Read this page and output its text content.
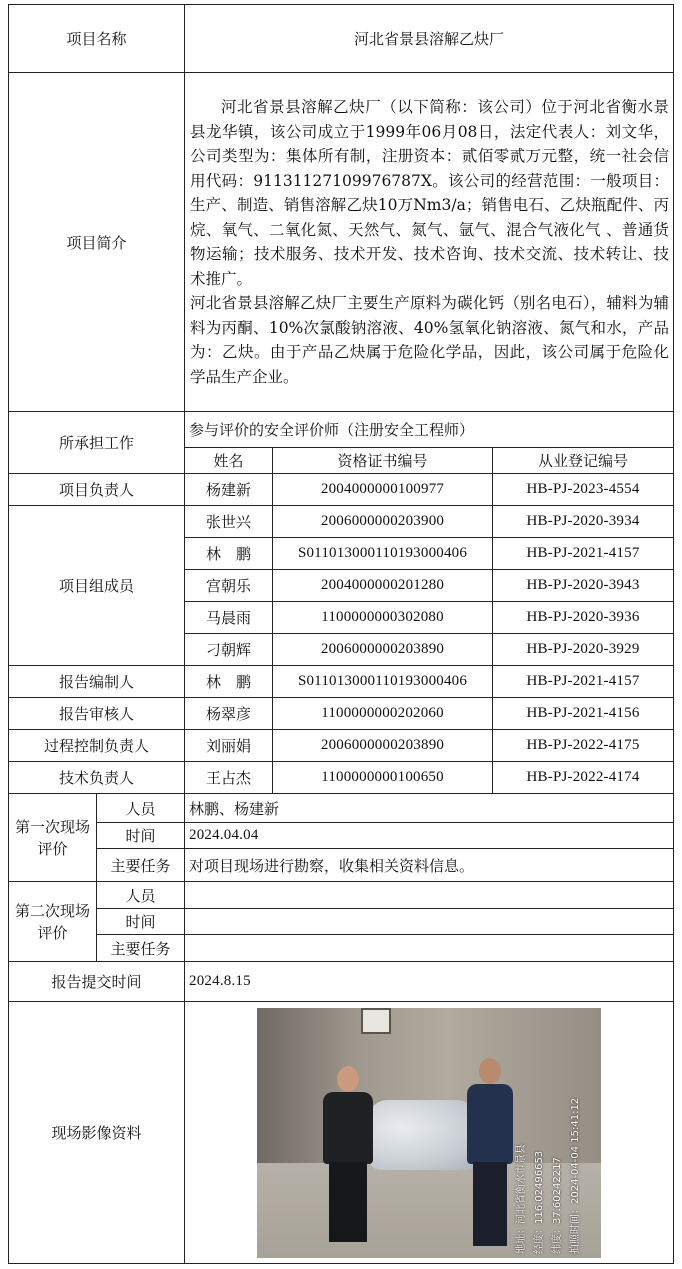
项目名称		河北省景县溶解乙炔厂		
项目简介		河北省景县溶解乙炔厂（以下简称：该公司）位于河北省衡水景县龙华镇，该公司成立于1999年06月08日，法定代表人：刘文华，公司类型为：集体所有制，注册资本：贰佰零贰万元整，统一社会信用代码：91131127109976787X。该公司的经营范围：一般项目：生产、制造、销售溶解乙炔10万Nm3/a；销售电石、乙炔瓶配件、丙烷、氧气、二氧化氮、天然气、氮气、氩气、混合气液化气 、普通货物运输；技术服务、技术开发、技术咨询、技术交流、技术转让、技术推广。

河北省景县溶解乙炔厂主要生产原料为碳化钙（别名电石），辅料为辅料为丙酮、10%次氯酸钠溶液、40%氢氧化钠溶液、氮气和水，产品为：乙炔。由于产品乙炔属于危险化学品，因此，该公司属于危险化学品生产企业。		

所承担工作		参与评价的安全评价师（注册安全工程师）		
		姓名	资格证书编号	从业登记编号
项目负责人		杨建新	2004000000100977	HB-PJ-2023-4554
项目组成员		张世兴	2006000000203900	HB-PJ-2020-3934
		林　鹏	S011013000110193000406	HB-PJ-2021-4157
		宫朝乐	2004000000201280	HB-PJ-2020-3943
		马晨雨	1100000000302080	HB-PJ-2020-3936
		刁朝辉	2006000000203890	HB-PJ-2020-3929
报告编制人		林　鹏	S011013000110193000406	HB-PJ-2021-4157
报告审核人		杨翠彦	1100000000202060	HB-PJ-2021-4156
过程控制负责人		刘丽娟	2006000000203890	HB-PJ-2022-4175
技术负责人		王占杰	1100000000100650	HB-PJ-2022-4174
第一次现场评价	人员	林鹏、杨建新		
	时间	2024.04.04		
	主要任务	对项目现场进行勘察，收集相关资料信息。		
第二次现场评价	人员			
	时间			
	主要任务			
报告提交时间		2024.8.15		
现场影像资料		地址：河北省衡水市景县 经度：116.02496653 纬度：37.60242217 拍照时间：2024-04-04 15:41:12		
